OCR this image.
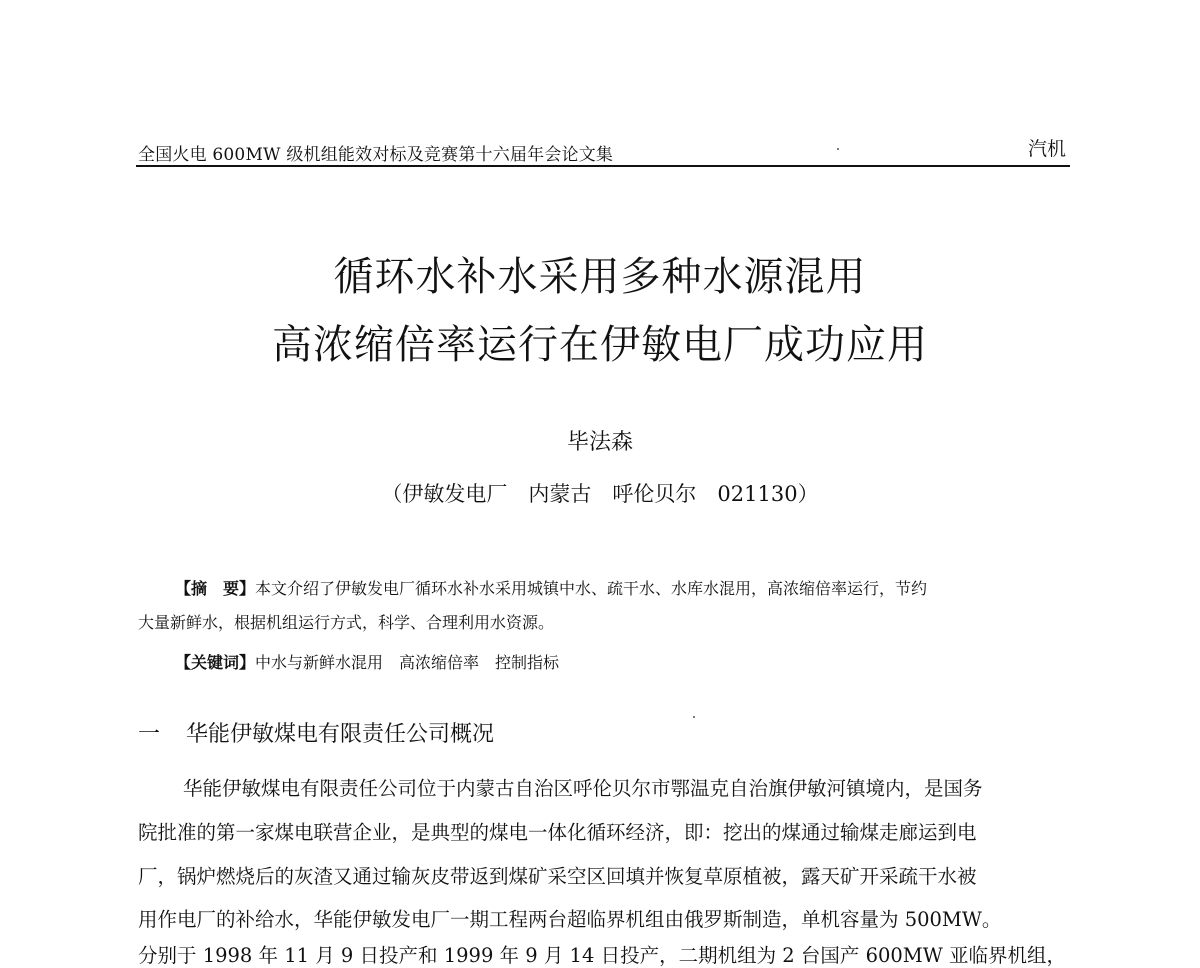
全国火电 600MW 级机组能效对标及竞赛第十六届年会论文集	汽机
循环水补水采用多种水源混用
高浓缩倍率运行在伊敏电厂成功应用
毕法森
（伊敏发电厂　内蒙古　呼伦贝尔　021130）
【摘　要】本文介绍了伊敏发电厂循环水补水采用城镇中水、疏干水、水库水混用，高浓缩倍率运行，节约
大量新鲜水，根据机组运行方式，科学、合理利用水资源。
【关键词】中水与新鲜水混用　高浓缩倍率　控制指标
一 华能伊敏煤电有限责任公司概况
华能伊敏煤电有限责任公司位于内蒙古自治区呼伦贝尔市鄂温克自治旗伊敏河镇境内，是国务
院批准的第一家煤电联营企业，是典型的煤电一体化循环经济，即：挖出的煤通过输煤走廊运到电
厂，锅炉燃烧后的灰渣又通过输灰皮带返到煤矿采空区回填并恢复草原植被，露天矿开采疏干水被
用作电厂的补给水，华能伊敏发电厂一期工程两台超临界机组由俄罗斯制造，单机容量为 500MW。
分别于 1998 年 11 月 9 日投产和 1999 年 9 月 14 日投产，二期机组为 2 台国产 600MW 亚临界机组，
